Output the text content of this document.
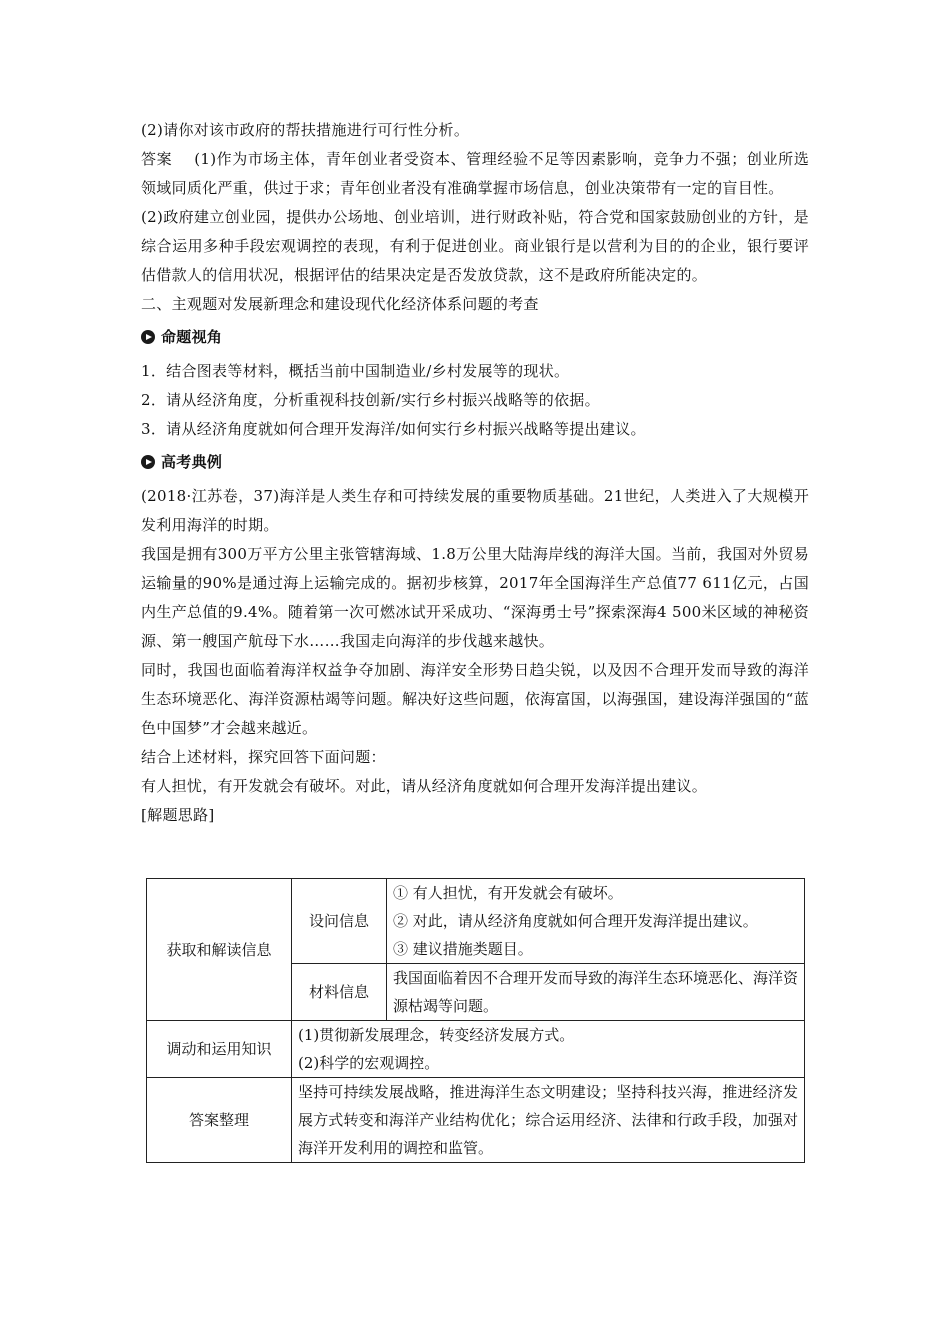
(2)请你对该市政府的帮扶措施进行可行性分析。

答案 (1)作为市场主体，青年创业者受资本、管理经验不足等因素影响，竞争力不强；创业所选领域同质化严重，供过于求；青年创业者没有准确掌握市场信息，创业决策带有一定的盲目性。

(2)政府建立创业园，提供办公场地、创业培训，进行财政补贴，符合党和国家鼓励创业的方针，是综合运用多种手段宏观调控的表现，有利于促进创业。商业银行是以营利为目的的企业，银行要评估借款人的信用状况，根据评估的结果决定是否发放贷款，这不是政府所能决定的。

二、主观题对发展新理念和建设现代化经济体系问题的考查

命题视角

1．结合图表等材料，概括当前中国制造业/乡村发展等的现状。

2．请从经济角度，分析重视科技创新/实行乡村振兴战略等的依据。

3．请从经济角度就如何合理开发海洋/如何实行乡村振兴战略等提出建议。

高考典例

(2018·江苏卷，37)海洋是人类生存和可持续发展的重要物质基础。21世纪，人类进入了大规模开发利用海洋的时期。

我国是拥有300万平方公里主张管辖海域、1.8万公里大陆海岸线的海洋大国。当前，我国对外贸易运输量的90%是通过海上运输完成的。据初步核算，2017年全国海洋生产总值77 611亿元，占国内生产总值的9.4%。随着第一次可燃冰试开采成功、“深海勇士号”探索深海4 500米区域的神秘资源、第一艘国产航母下水……我国走向海洋的步伐越来越快。

同时，我国也面临着海洋权益争夺加剧、海洋安全形势日趋尖锐，以及因不合理开发而导致的海洋生态环境恶化、海洋资源枯竭等问题。解决好这些问题，依海富国，以海强国，建设海洋强国的“蓝色中国梦”才会越来越近。

结合上述材料，探究回答下面问题：

有人担忧，有开发就会有破坏。对此，请从经济角度就如何合理开发海洋提出建议。

[解题思路]

获取和解读信息	设问信息	① 有人担忧，有开发就会有破坏。
② 对此，请从经济角度就如何合理开发海洋提出建议。
③ 建议措施类题目。

	材料信息	我国面临着因不合理开发而导致的海洋生态环境恶化、海洋资源枯竭等问题。
调动和运用知识	(1)贯彻新发展理念，转变经济发展方式。
(2)科学的宏观调控。	

答案整理	坚持可持续发展战略，推进海洋生态文明建设；坚持科技兴海，推进经济发展方式转变和海洋产业结构优化；综合运用经济、法律和行政手段，加强对海洋开发利用的调控和监管。	
